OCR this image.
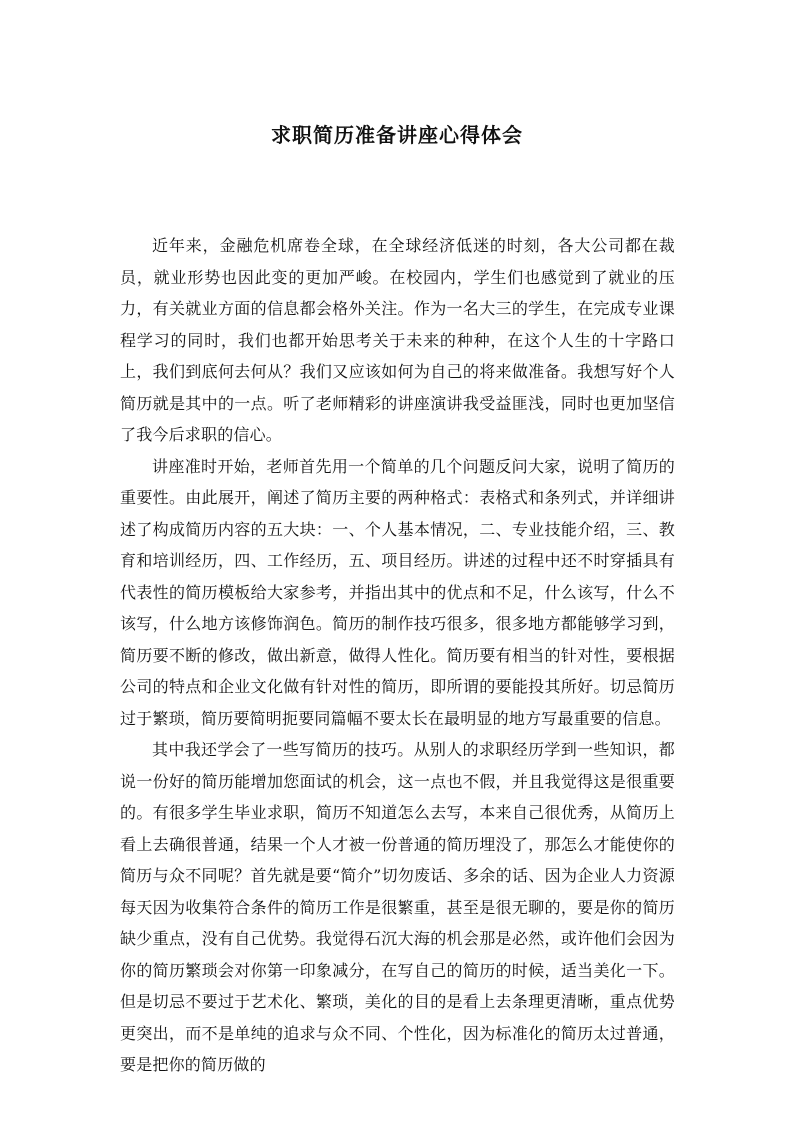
求职简历准备讲座心得体会

近年来，金融危机席卷全球，在全球经济低迷的时刻，各大公司都在裁员，就业形势也因此变的更加严峻。在校园内，学生们也感觉到了就业的压力，有关就业方面的信息都会格外关注。作为一名大三的学生，在完成专业课程学习的同时，我们也都开始思考关于未来的种种，在这个人生的十字路口上，我们到底何去何从？我们又应该如何为自己的将来做准备。我想写好个人简历就是其中的一点。听了老师精彩的讲座演讲我受益匪浅，同时也更加坚信了我今后求职的信心。

讲座准时开始，老师首先用一个简单的几个问题反问大家，说明了简历的重要性。由此展开，阐述了简历主要的两种格式：表格式和条列式，并详细讲述了构成简历内容的五大块：一、个人基本情况，二、专业技能介绍，三、教育和培训经历，四、工作经历，五、项目经历。讲述的过程中还不时穿插具有代表性的简历模板给大家参考，并指出其中的优点和不足，什么该写，什么不该写，什么地方该修饰润色。简历的制作技巧很多，很多地方都能够学习到，简历要不断的修改，做出新意，做得人性化。简历要有相当的针对性，要根据公司的特点和企业文化做有针对性的简历，即所谓的要能投其所好。切忌简历过于繁琐，简历要简明扼要同篇幅不要太长在最明显的地方写最重要的信息。

其中我还学会了一些写简历的技巧。从别人的求职经历学到一些知识，都说一份好的简历能增加您面试的机会，这一点也不假，并且我觉得这是很重要的。有很多学生毕业求职，简历不知道怎么去写，本来自己很优秀，从简历上看上去确很普通，结果一个人才被一份普通的简历埋没了，那怎么才能使你的简历与众不同呢？首先就是要“简介”切勿废话、多余的话、因为企业人力资源每天因为收集符合条件的简历工作是很繁重，甚至是很无聊的，要是你的简历缺少重点，没有自己优势。我觉得石沉大海的机会那是必然，或许他们会因为你的简历繁琐会对你第一印象减分，在写自己的简历的时候，适当美化一下。但是切忌不要过于艺术化、繁琐，美化的目的是看上去条理更清晰，重点优势更突出，而不是单纯的追求与众不同、个性化，因为标准化的简历太过普通，要是把你的简历做的
